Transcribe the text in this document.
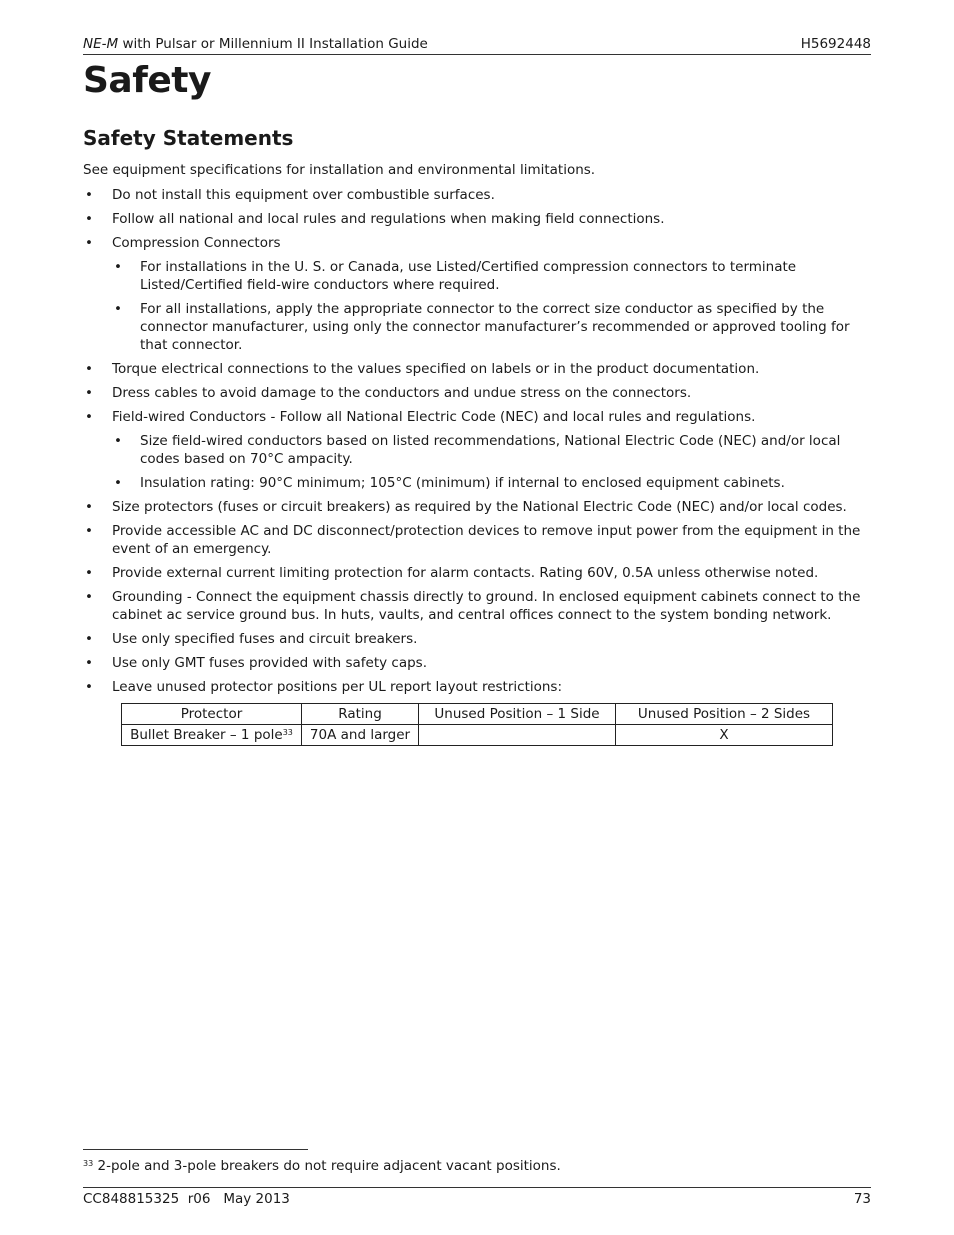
NE-M with Pulsar or Millennium II Installation Guide	H5692448
Safety
Safety Statements
See equipment specifications for installation and environmental limitations.
• Do not install this equipment over combustible surfaces.
• Follow all national and local rules and regulations when making field connections.
• Compression Connectors
• For installations in the U. S. or Canada, use Listed/Certified compression connectors to terminate Listed/Certified field-wire conductors where required.
• For all installations, apply the appropriate connector to the correct size conductor as specified by the connector manufacturer, using only the connector manufacturer’s recommended or approved tooling for that connector.
• Torque electrical connections to the values specified on labels or in the product documentation.
• Dress cables to avoid damage to the conductors and undue stress on the connectors.
• Field-wired Conductors - Follow all National Electric Code (NEC) and local rules and regulations.
• Size field-wired conductors based on listed recommendations, National Electric Code (NEC) and/or local codes based on 70°C ampacity.
• Insulation rating: 90°C minimum; 105°C (minimum) if internal to enclosed equipment cabinets.
• Size protectors (fuses or circuit breakers) as required by the National Electric Code (NEC) and/or local codes.
• Provide accessible AC and DC disconnect/protection devices to remove input power from the equipment in the event of an emergency.
• Provide external current limiting protection for alarm contacts. Rating 60V, 0.5A unless otherwise noted.
• Grounding - Connect the equipment chassis directly to ground. In enclosed equipment cabinets connect to the cabinet ac service ground bus. In huts, vaults, and central offices connect to the system bonding network.
• Use only specified fuses and circuit breakers.
• Use only GMT fuses provided with safety caps.
• Leave unused protector positions per UL report layout restrictions:
Protector	Rating	Unused Position – 1 Side	Unused Position – 2 Sides
Bullet Breaker – 1 pole$^{33}$	70A and larger		X
$^{33}$ 2-pole and 3-pole breakers do not require adjacent vacant positions.
CC848815325  r06   May 2013	73
